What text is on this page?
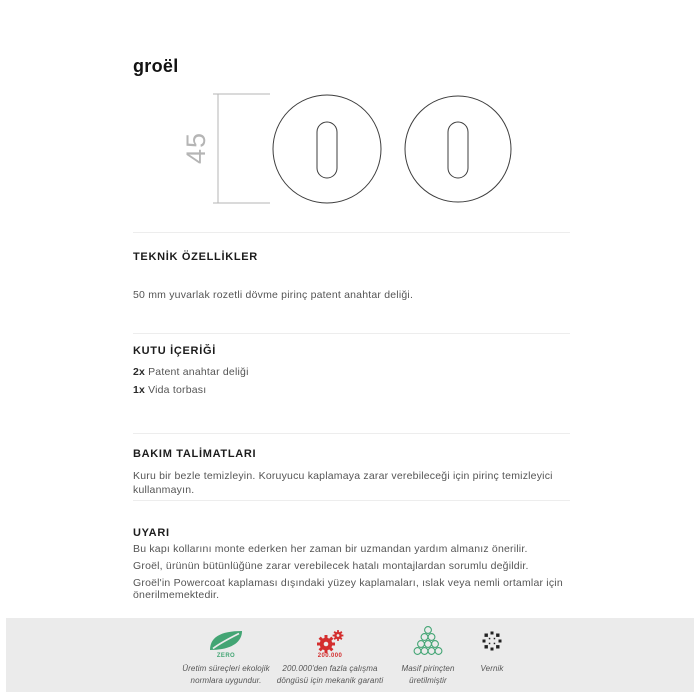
groël
45
TEKNİK ÖZELLİKLER
50 mm yuvarlak rozetli dövme pirinç patent anahtar deliği.
KUTU İÇERİĞİ
2x Patent anahtar deliği
1x Vida torbası
BAKIM TALİMATLARI
Kuru bir bezle temizleyin. Koruyucu kaplamaya zarar verebileceği için pirinç temizleyici kullanmayın.
UYARI
Bu kapı kollarını monte ederken her zaman bir uzmandan yardım almanız önerilir.
Groël, ürünün bütünlüğüne zarar verebilecek hatalı montajlardan sorumlu değildir.
Groël'in Powercoat kaplaması dışındaki yüzey kaplamaları, ıslak veya nemli ortamlar için önerilmemektedir.
ZERO
Üretim süreçleri ekolojik
normlara uygundur.
200.000
200.000'den fazla çalışma
döngüsü için mekanik garanti
Masif pirinçten
üretilmiştir
Vernik
